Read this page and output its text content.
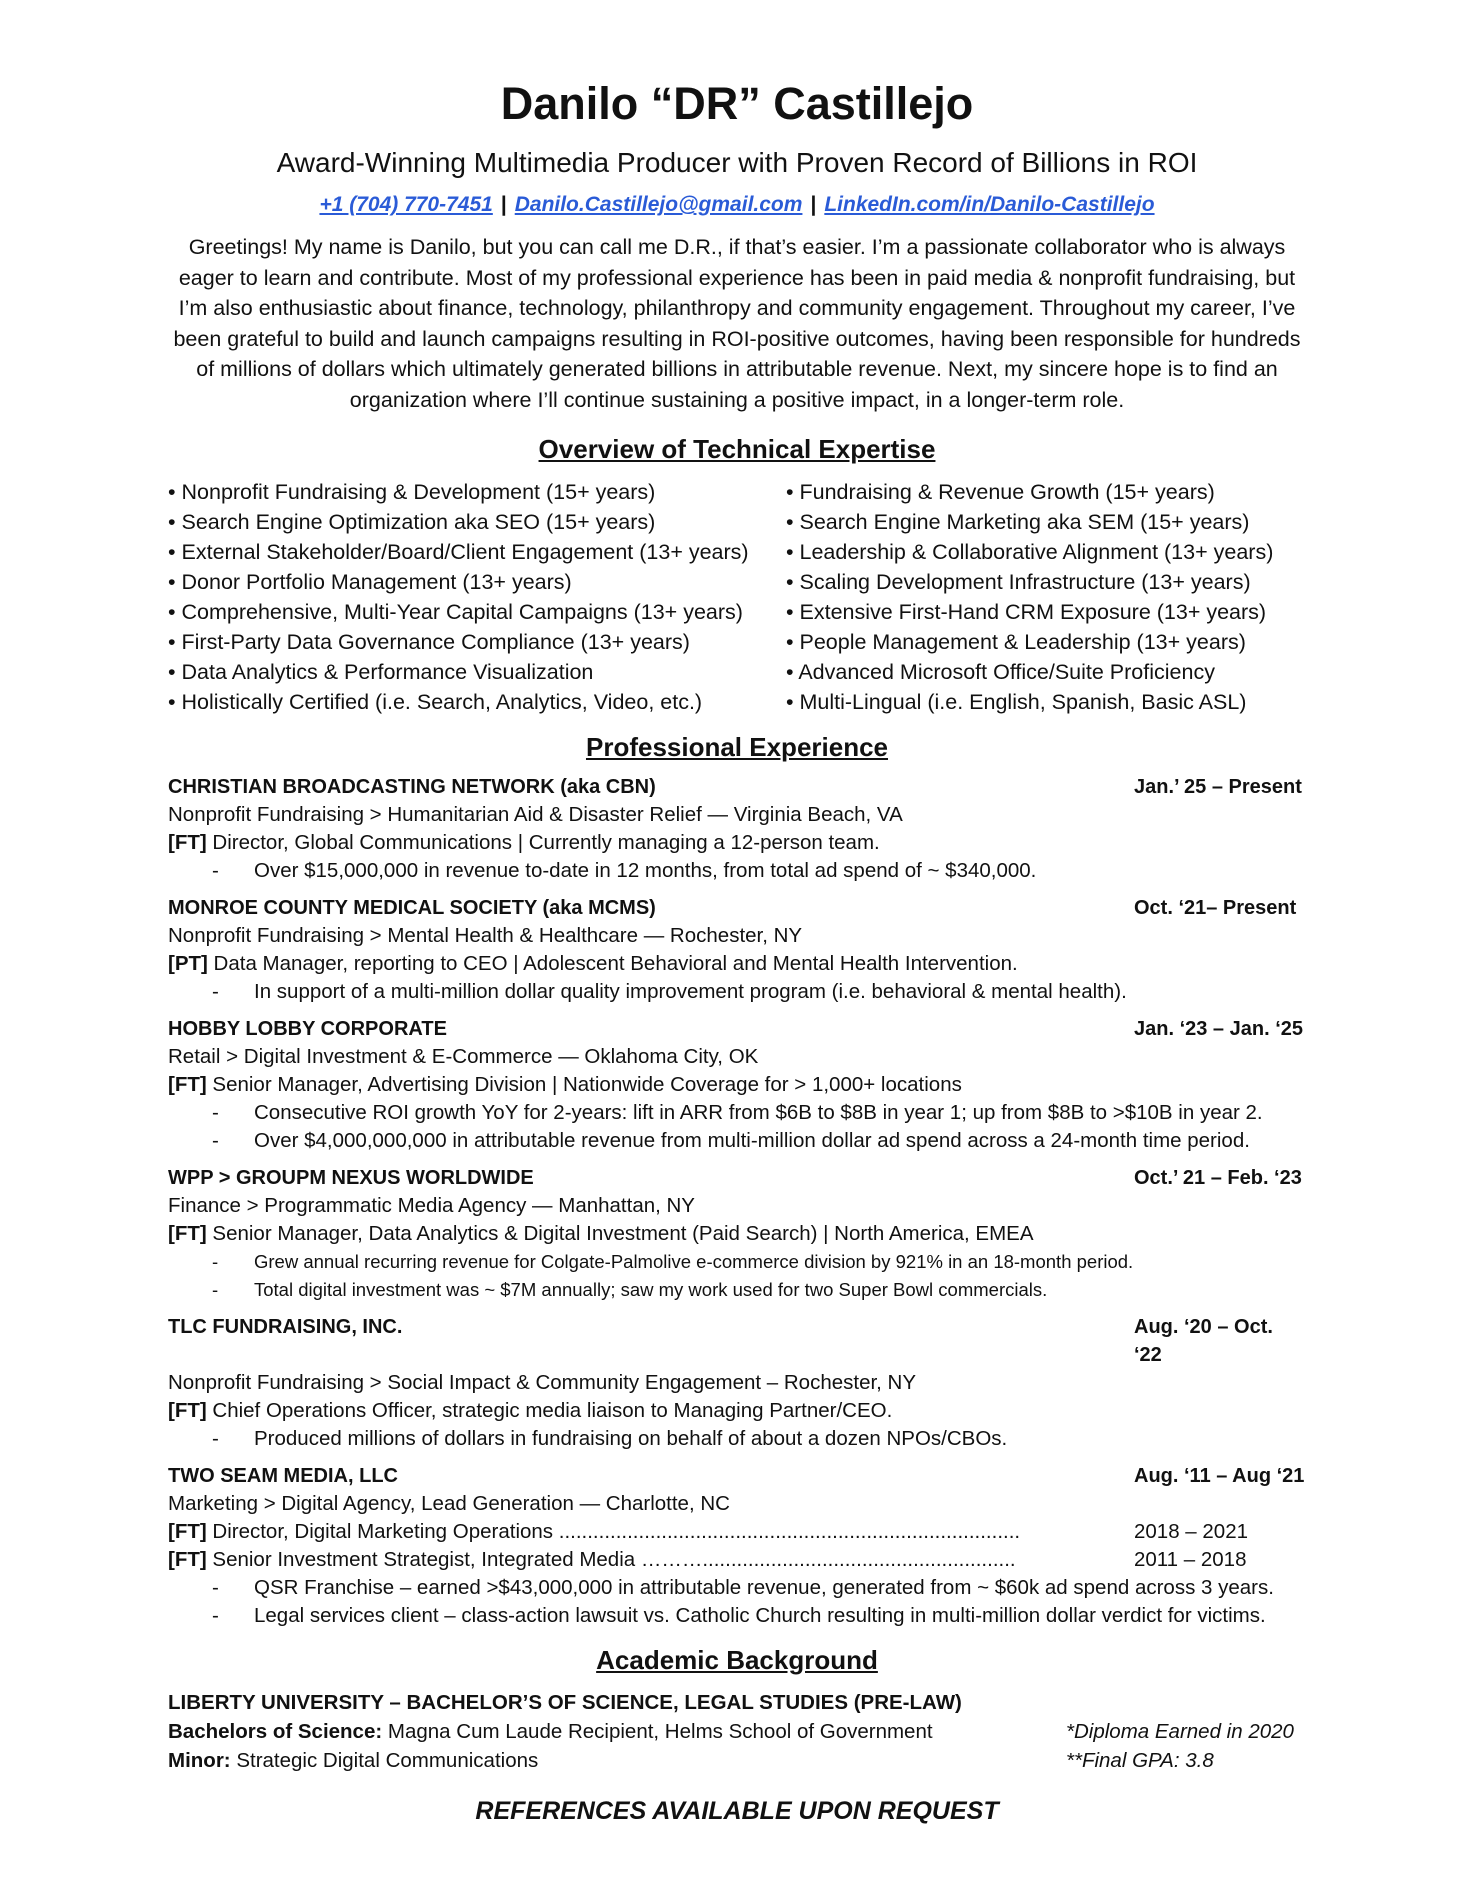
Danilo “DR” Castillejo
Award-Winning Multimedia Producer with Proven Record of Billions in ROI
+1 (704) 770-7451 | Danilo.Castillejo@gmail.com | LinkedIn.com/in/Danilo-Castillejo
Greetings! My name is Danilo, but you can call me D.R., if that’s easier. I’m a passionate collaborator who is always eager to learn and contribute. Most of my professional experience has been in paid media & nonprofit fundraising, but I’m also enthusiastic about finance, technology, philanthropy and community engagement. Throughout my career, I’ve been grateful to build and launch campaigns resulting in ROI-positive outcomes, having been responsible for hundreds of millions of dollars which ultimately generated billions in attributable revenue. Next, my sincere hope is to find an organization where I’ll continue sustaining a positive impact, in a longer-term role.
Overview of Technical Expertise
• Nonprofit Fundraising & Development (15+ years)
• Search Engine Optimization aka SEO (15+ years)
• External Stakeholder/Board/Client Engagement (13+ years)
• Donor Portfolio Management (13+ years)
• Comprehensive, Multi-Year Capital Campaigns (13+ years)
• First-Party Data Governance Compliance (13+ years)
• Data Analytics & Performance Visualization
• Holistically Certified (i.e. Search, Analytics, Video, etc.)
• Fundraising & Revenue Growth (15+ years)
• Search Engine Marketing aka SEM (15+ years)
• Leadership & Collaborative Alignment (13+ years)
• Scaling Development Infrastructure (13+ years)
• Extensive First-Hand CRM Exposure (13+ years)
• People Management & Leadership (13+ years)
• Advanced Microsoft Office/Suite Proficiency
• Multi-Lingual (i.e. English, Spanish, Basic ASL)
Professional Experience
CHRISTIAN BROADCASTING NETWORK (aka CBN)	Jan.’ 25 – Present
Nonprofit Fundraising > Humanitarian Aid & Disaster Relief — Virginia Beach, VA
[FT] Director, Global Communications | Currently managing a 12-person team.
-	Over $15,000,000 in revenue to-date in 12 months, from total ad spend of ~ $340,000.
MONROE COUNTY MEDICAL SOCIETY (aka MCMS)	Oct. ‘21– Present
Nonprofit Fundraising > Mental Health & Healthcare — Rochester, NY
[PT] Data Manager, reporting to CEO | Adolescent Behavioral and Mental Health Intervention.
-	In support of a multi-million dollar quality improvement program (i.e. behavioral & mental health).
HOBBY LOBBY CORPORATE	Jan. ‘23 – Jan. ‘25
Retail > Digital Investment & E-Commerce — Oklahoma City, OK
[FT] Senior Manager, Advertising Division | Nationwide Coverage for > 1,000+ locations
-	Consecutive ROI growth YoY for 2-years: lift in ARR from $6B to $8B in year 1; up from $8B to >$10B in year 2.
-	Over $4,000,000,000 in attributable revenue from multi-million dollar ad spend across a 24-month time period.
WPP > GROUPM NEXUS WORLDWIDE	Oct.’ 21 – Feb. ‘23
Finance > Programmatic Media Agency — Manhattan, NY
[FT] Senior Manager, Data Analytics & Digital Investment (Paid Search) | North America, EMEA
-	Grew annual recurring revenue for Colgate-Palmolive e-commerce division by 921% in an 18-month period.
-	Total digital investment was ~ $7M annually; saw my work used for two Super Bowl commercials.
TLC FUNDRAISING, INC.	Aug. ‘20 – Oct. ‘22
Nonprofit Fundraising > Social Impact & Community Engagement – Rochester, NY
[FT] Chief Operations Officer, strategic media liaison to Managing Partner/CEO.
-	Produced millions of dollars in fundraising on behalf of about a dozen NPOs/CBOs.
TWO SEAM MEDIA, LLC	Aug. ‘11 – Aug ‘21
Marketing > Digital Agency, Lead Generation — Charlotte, NC
[FT] Director, Digital Marketing Operations .................................................................................	2018 – 2021
[FT] Senior Investment Strategist, Integrated Media ……….......................................................	2011 – 2018
-	QSR Franchise – earned >$43,000,000 in attributable revenue, generated from ~ $60k ad spend across 3 years.
-	Legal services client – class-action lawsuit vs. Catholic Church resulting in multi-million dollar verdict for victims.
Academic Background
LIBERTY UNIVERSITY – BACHELOR’S OF SCIENCE, LEGAL STUDIES (PRE-LAW)
Bachelors of Science: Magna Cum Laude Recipient, Helms School of Government	*Diploma Earned in 2020
Minor: Strategic Digital Communications	**Final GPA: 3.8
REFERENCES AVAILABLE UPON REQUEST
